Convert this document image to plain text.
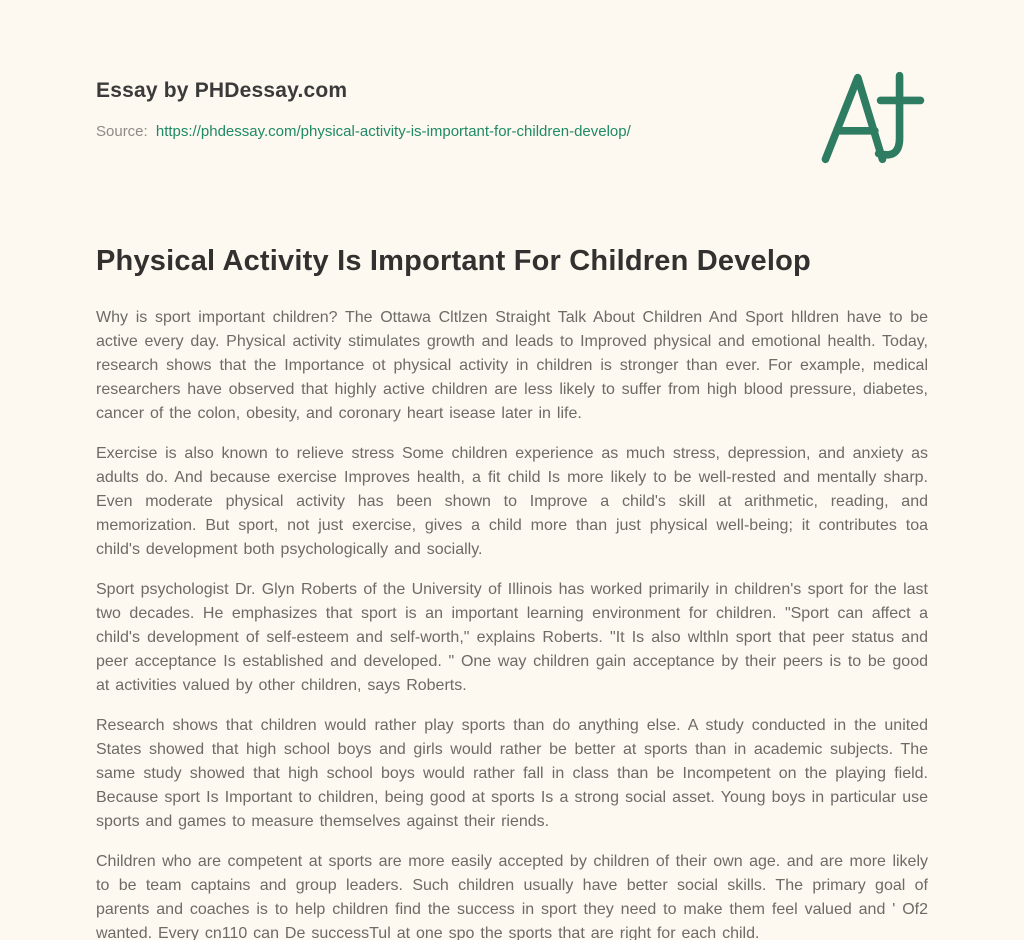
Essay by PHDessay.com

Source: https://phdessay.com/physical-activity-is-important-for-children-develop/

Physical Activity Is Important For Children Develop

Why is sport important children? The Ottawa Cltlzen Straight Talk About Children And Sport hlldren have to be active every day. Physical activity stimulates growth and leads to Improved physical and emotional health. Today, research shows that the Importance ot physical activity in children is stronger than ever. For example, medical researchers have observed that highly active children are less likely to suffer from high blood pressure, diabetes, cancer of the colon, obesity, and coronary heart isease later in life.

Exercise is also known to relieve stress Some children experience as much stress, depression, and anxiety as adults do. And because exercise Improves health, a fit child Is more likely to be well-rested and mentally sharp. Even moderate physical activity has been shown to Improve a child's skill at arithmetic, reading, and memorization. But sport, not just exercise, gives a child more than just physical well-being; it contributes toa child's development both psychologically and socially.

Sport psychologist Dr. Glyn Roberts of the University of Illinois has worked primarily in children's sport for the last two decades. He emphasizes that sport is an important learning environment for children. "Sport can affect a child's development of self-esteem and self-worth," explains Roberts. "It Is also wlthln sport that peer status and peer acceptance Is established and developed. " One way children gain acceptance by their peers is to be good at activities valued by other children, says Roberts.

Research shows that children would rather play sports than do anything else. A study conducted in the united States showed that high school boys and girls would rather be better at sports than in academic subjects. The same study showed that high school boys would rather fall in class than be Incompetent on the playing field. Because sport Is Important to children, being good at sports Is a strong social asset. Young boys in particular use sports and games to measure themselves against their riends.

Children who are competent at sports are more easily accepted by children of their own age. and are more likely to be team captains and group leaders. Such children usually have better social skills. The primary goal of parents and coaches is to help children find the success in sport they need to make them feel valued and ' Of2 wanted. Every cn110 can De successTul at one spo the sports that are right for each child.
